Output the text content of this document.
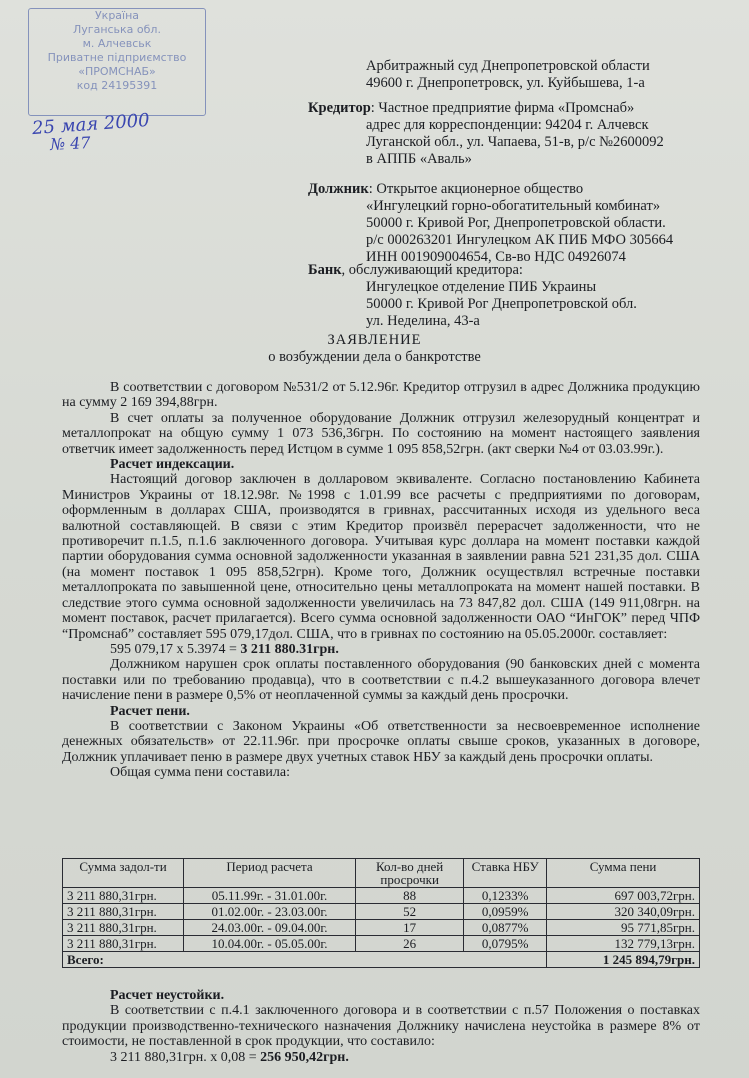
Україна
Луганська обл.
м. Алчевськ
Приватне підприємство
«ПРОМСНАБ»
код 24195391
25 мая 2000
№ 47
Арбитражный суд Днепропетровской области
49600 г. Днепропетровск, ул. Куйбышева, 1-а
Кредитор: Частное предприятие фирма «Промснаб»
адрес для корреспонденции: 94204 г. Алчевск
Луганской обл., ул. Чапаева, 51-в, р/с №2600092
в АППБ «Аваль»
Должник: Открытое акционерное общество
«Ингулецкий горно-обогатительный комбинат»
50000 г. Кривой Рог, Днепропетровской области.
р/с 000263201 Ингулецком АК ПИБ МФО 305664
ИНН 001909004654, Св-во НДС 04926074
Банк, обслуживающий кредитора:
Ингулецкое отделение ПИБ Украины
50000 г. Кривой Рог Днепропетровской обл.
ул. Неделина, 43-а
ЗАЯВЛЕНИЕ
о возбуждении дела о банкротстве

В соответствии с договором №531/2 от 5.12.96г. Кредитор отгрузил в адрес Должника продукцию на сумму 2 169 394,88грн.

В счет оплаты за полученное оборудование Должник отгрузил железорудный концентрат и металлопрокат на общую сумму 1 073 536,36грн. По состоянию на момент настоящего заявления ответчик имеет задолженность перед Истцом в сумме 1 095 858,52грн. (акт сверки №4 от 03.03.99г.).

Расчет индексации.

Настоящий договор заключен в долларовом эквиваленте. Согласно постановлению Кабинета Министров Украины от 18.12.98г. №1998 с 1.01.99 все расчеты с предприятиями по договорам, оформленным в долларах США, производятся в гривнах, рассчитанных исходя из удельного веса валютной составляющей. В связи с этим Кредитор произвёл перерасчет задолженности, что не противоречит п.1.5, п.1.6 заключенного договора. Учитывая курс доллара на момент поставки каждой партии оборудования сумма основной задолженности указанная в заявлении равна 521 231,35 дол. США (на момент поставок 1 095 858,52грн). Кроме того, Должник осуществлял встречные поставки металлопроката по завышенной цене, относительно цены металлопроката на момент нашей поставки. В следствие этого сумма основной задолженности увеличилась на 73 847,82 дол. США (149 911,08грн. на момент поставок, расчет прилагается). Всего сумма основной задолженности ОАО “ИнГОК” перед ЧПФ “Промснаб” составляет 595 079,17дол. США, что в гривнах по состоянию на 05.05.2000г. составляет:

595 079,17 х 5.3974 = 3 211 880.31грн.

Должником нарушен срок оплаты поставленного оборудования (90 банковских дней с момента поставки или по требованию продавца), что в соответствии с п.4.2 вышеуказанного договора влечет начисление пени в размере 0,5% от неоплаченной суммы за каждый день просрочки.

Расчет пени.

В соответствии с Законом Украины «Об ответственности за несвоевременное исполнение денежных обязательств» от 22.11.96г. при просрочке оплаты свыше сроков, указанных в договоре, Должник уплачивает пеню в размере двух учетных ставок НБУ за каждый день просрочки оплаты.

Общая сумма пени составила:
Сумма задол-ти	Период расчета	Кол-во дней просрочки	Ставка НБУ	Сумма пени
3 211 880,31грн.	05.11.99г. - 31.01.00г.	88	0,1233%	697 003,72грн.
3 211 880,31грн.	01.02.00г. - 23.03.00г.	52	0,0959%	320 340,09грн.
3 211 880,31грн.	24.03.00г. - 09.04.00г.	17	0,0877%	95 771,85грн.
3 211 880,31грн.	10.04.00г. - 05.05.00г.	26	0,0795%	132 779,13грн.
Всего:				1 245 894,79грн.
Расчет неустойки.

В соответствии с п.4.1 заключенного договора и в соответствии с п.57 Положения о поставках продукции производственно-технического назначения Должнику начислена неустойка в размере 8% от стоимости, не поставленной в срок продукции, что составило:

3 211 880,31грн. х 0,08 = 256 950,42грн.
